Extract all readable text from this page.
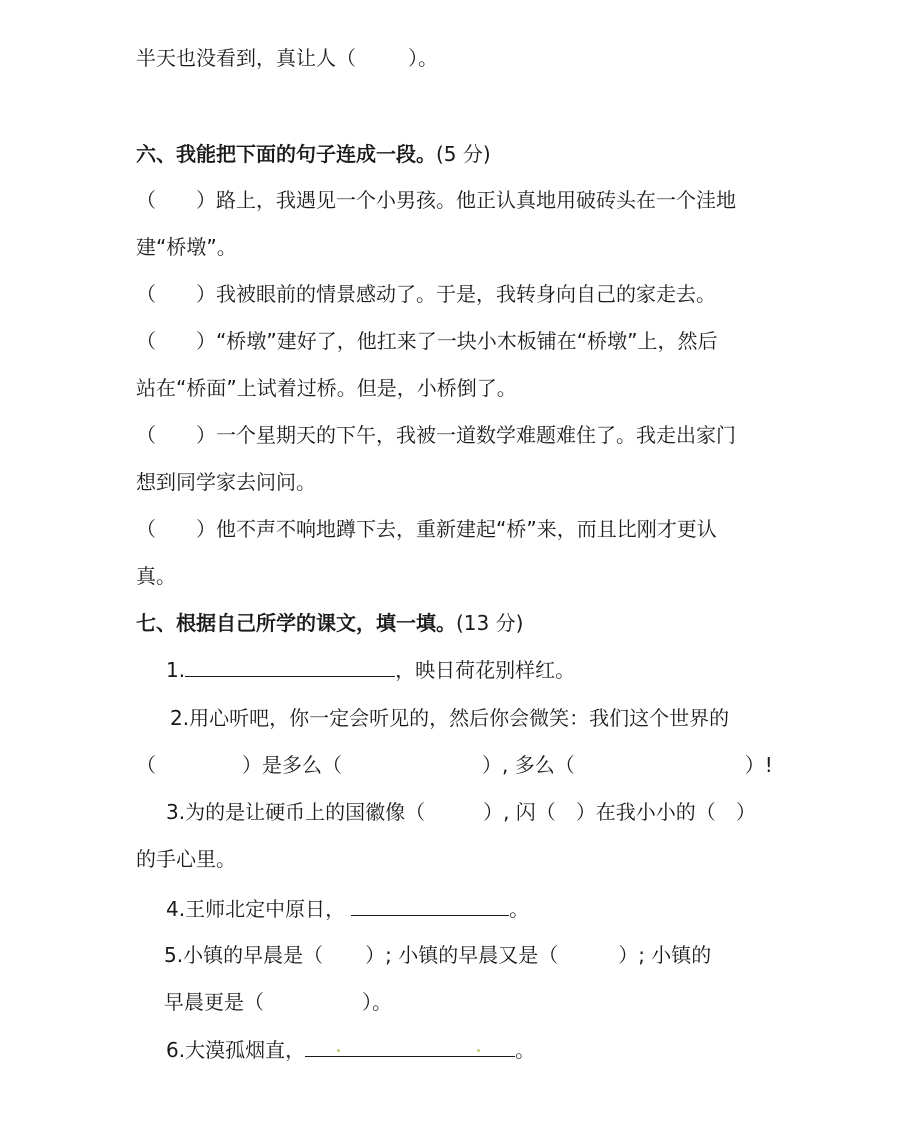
半天也没看到，真让人（	）。
六、我能把下面的句子连成一段。(5 分)
（　　）路上，我遇见一个小男孩。他正认真地用破砖头在一个洼地
建“桥墩”。
（　　）我被眼前的情景感动了。于是，我转身向自己的家走去。
（　　）“桥墩”建好了，他扛来了一块小木板铺在“桥墩”上，然后
站在“桥面”上试着过桥。但是，小桥倒了。
（　　）一个星期天的下午，我被一道数学难题难住了。我走出家门
想到同学家去问问。
（　　）他不声不响地蹲下去，重新建起“桥”来，而且比刚才更认
真。
七、根据自己所学的课文，填一填。(13 分)
1.	，映日荷花别样红。
2.用心听吧，你一定会听见的，然后你会微笑：我们这个世界的
（	）是多么（	）, 多么（	）!
3.为的是让硬币上的国徽像（	）, 闪（ ）在我小小的（ ）
的手心里。
4.王师北定中原日，	。
5.小镇的早晨是（ ）; 小镇的早晨又是（	）; 小镇的
早晨更是（	）。
6.大漠孤烟直，	。
